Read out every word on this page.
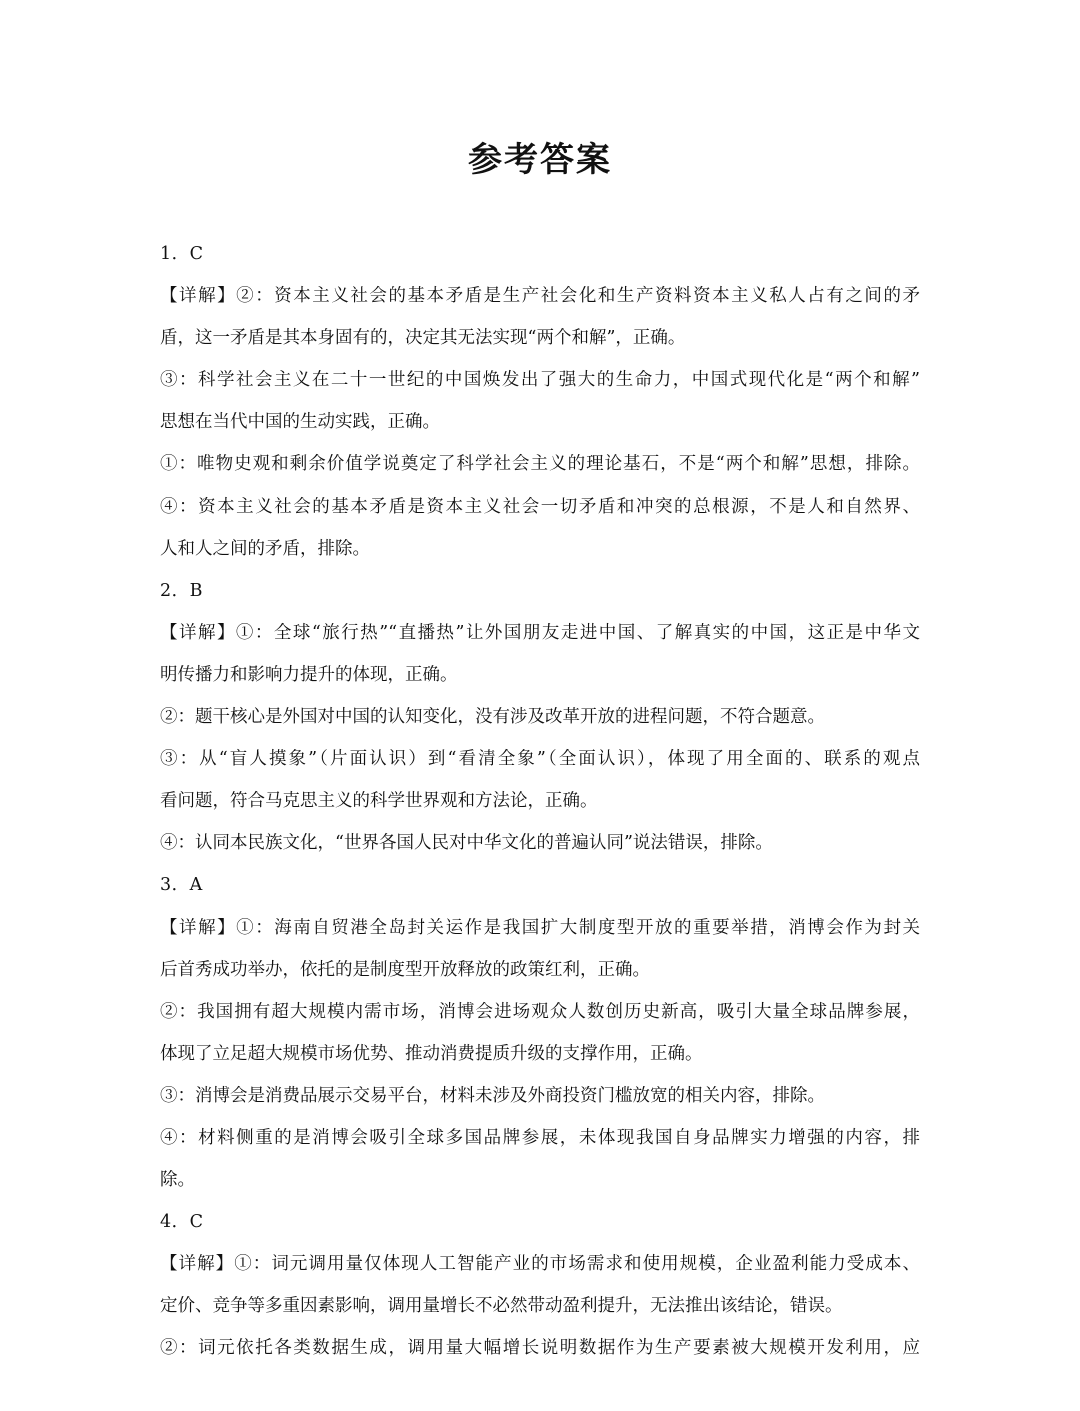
参考答案
1．C
【详解】②：资本主义社会的基本矛盾是生产社会化和生产资料资本主义私人占有之间的矛
盾，这一矛盾是其本身固有的，决定其无法实现“两个和解”，正确。
③：科学社会主义在二十一世纪的中国焕发出了强大的生命力，中国式现代化是“两个和解”
思想在当代中国的生动实践，正确。
①：唯物史观和剩余价值学说奠定了科学社会主义的理论基石，不是“两个和解”思想，排除。
④：资本主义社会的基本矛盾是资本主义社会一切矛盾和冲突的总根源，不是人和自然界、
人和人之间的矛盾，排除。
2．B
【详解】①：全球“旅行热”“直播热”让外国朋友走进中国、了解真实的中国，这正是中华文
明传播力和影响力提升的体现，正确。
②：题干核心是外国对中国的认知变化，没有涉及改革开放的进程问题，不符合题意。
③：从“盲人摸象”（片面认识）到“看清全象”（全面认识），体现了用全面的、联系的观点
看问题，符合马克思主义的科学世界观和方法论，正确。
④：认同本民族文化，“世界各国人民对中华文化的普遍认同”说法错误，排除。
3．A
【详解】①：海南自贸港全岛封关运作是我国扩大制度型开放的重要举措，消博会作为封关
后首秀成功举办，依托的是制度型开放释放的政策红利，正确。
②：我国拥有超大规模内需市场，消博会进场观众人数创历史新高，吸引大量全球品牌参展，
体现了立足超大规模市场优势、推动消费提质升级的支撑作用，正确。
③：消博会是消费品展示交易平台，材料未涉及外商投资门槛放宽的相关内容，排除。
④：材料侧重的是消博会吸引全球多国品牌参展，未体现我国自身品牌实力增强的内容，排
除。
4．C
【详解】①：词元调用量仅体现人工智能产业的市场需求和使用规模，企业盈利能力受成本、
定价、竞争等多重因素影响，调用量增长不必然带动盈利提升，无法推出该结论，错误。
②：词元依托各类数据生成，调用量大幅增长说明数据作为生产要素被大规模开发利用，应
